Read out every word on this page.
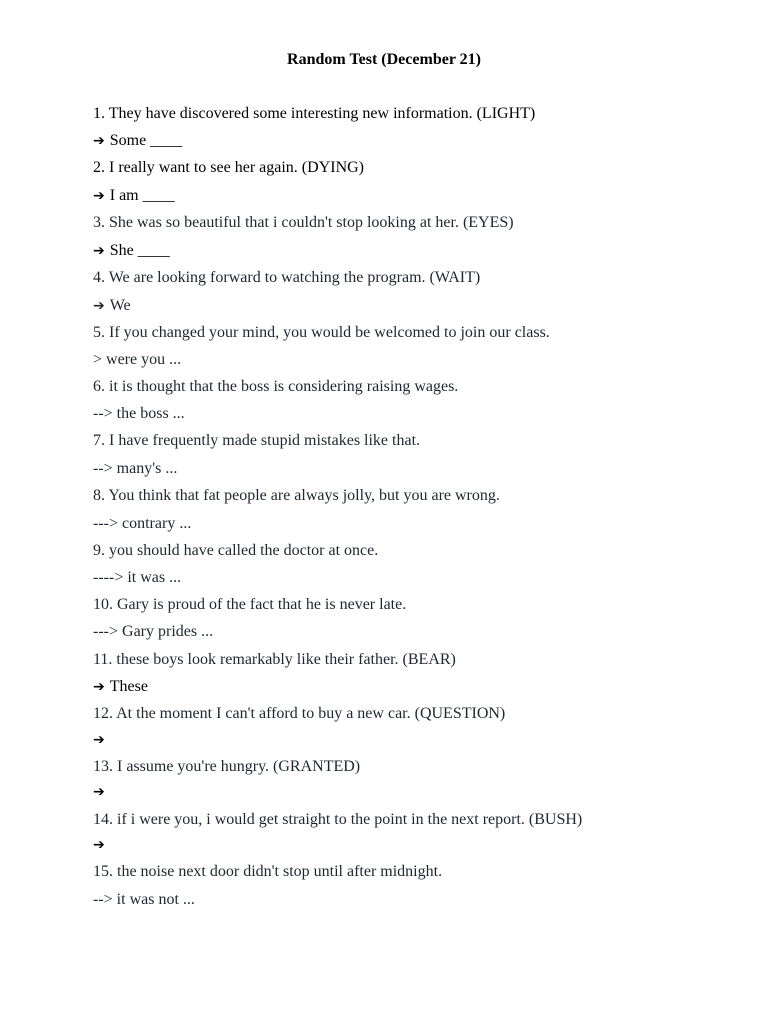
Random Test (December 21)
1. They have discovered some interesting new information. (LIGHT)
➔ Some ____
2. I really want to see her again. (DYING)
➔ I am ____
3. She was so beautiful that i couldn't stop looking at her. (EYES)
➔ She ____
4. We are looking forward to watching the program. (WAIT)
➔ We
5. If you changed your mind, you would be welcomed to join our class.
> were you ...
6. it is thought that the boss is considering raising wages.
--> the boss ...
7. I have frequently made stupid mistakes like that.
--> many's ...
8. You think that fat people are always jolly, but you are wrong.
---> contrary ...
9. you should have called the doctor at once.
----> it was ...
10. Gary is proud of the fact that he is never late.
---> Gary prides ...
11. these boys look remarkably like their father. (BEAR)
➔ These
12. At the moment I can't afford to buy a new car. (QUESTION)
➔
13. I assume you're hungry. (GRANTED)
➔
14. if i were you, i would get straight to the point in the next report. (BUSH)
➔
15. the noise next door didn't stop until after midnight.
--> it was not ...
